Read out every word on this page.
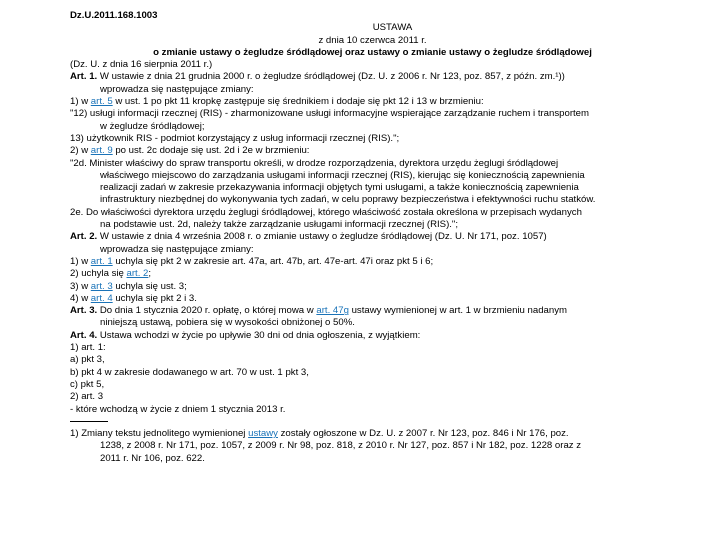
Dz.U.2011.168.1003
USTAWA
z dnia 10 czerwca 2011 r.
o zmianie ustawy o żegludze śródlądowej oraz ustawy o zmianie ustawy o żegludze śródlądowej
(Dz. U. z dnia 16 sierpnia 2011 r.)
Art. 1. W ustawie z dnia 21 grudnia 2000 r. o żegludze śródlądowej (Dz. U. z 2006 r. Nr 123, poz. 857, z późn. zm.¹))
wprowadza się następujące zmiany:
1) w art. 5 w ust. 1 po pkt 11 kropkę zastępuje się średnikiem i dodaje się pkt 12 i 13 w brzmieniu:
"12) usługi informacji rzecznej (RIS) - zharmonizowane usługi informacyjne wspierające zarządzanie ruchem i transportem
w żegludze śródlądowej;
13) użytkownik RIS - podmiot korzystający z usług informacji rzecznej (RIS).";
2) w art. 9 po ust. 2c dodaje się ust. 2d i 2e w brzmieniu:
"2d. Minister właściwy do spraw transportu określi, w drodze rozporządzenia, dyrektora urzędu żeglugi śródlądowej
właściwego miejscowo do zarządzania usługami informacji rzecznej (RIS), kierując się koniecznością zapewnienia
realizacji zadań w zakresie przekazywania informacji objętych tymi usługami, a także koniecznością zapewnienia
infrastruktury niezbędnej do wykonywania tych zadań, w celu poprawy bezpieczeństwa i efektywności ruchu statków.
2e. Do właściwości dyrektora urzędu żeglugi śródlądowej, którego właściwość została określona w przepisach wydanych
na podstawie ust. 2d, należy także zarządzanie usługami informacji rzecznej (RIS).";
Art. 2. W ustawie z dnia 4 września 2008 r. o zmianie ustawy o żegludze śródlądowej (Dz. U. Nr 171, poz. 1057)
wprowadza się następujące zmiany:
1) w art. 1 uchyla się pkt 2 w zakresie art. 47a, art. 47b, art. 47e-art. 47i oraz pkt 5 i 6;
2) uchyla się art. 2;
3) w art. 3 uchyla się ust. 3;
4) w art. 4 uchyla się pkt 2 i 3.
Art. 3. Do dnia 1 stycznia 2020 r. opłatę, o której mowa w art. 47g ustawy wymienionej w art. 1 w brzmieniu nadanym
niniejszą ustawą, pobiera się w wysokości obniżonej o 50%.
Art. 4. Ustawa wchodzi w życie po upływie 30 dni od dnia ogłoszenia, z wyjątkiem:
1) art. 1:
a) pkt 3,
b) pkt 4 w zakresie dodawanego w art. 70 w ust. 1 pkt 3,
c) pkt 5,
2) art. 3
- które wchodzą w życie z dniem 1 stycznia 2013 r.
1) Zmiany tekstu jednolitego wymienionej ustawy zostały ogłoszone w Dz. U. z 2007 r. Nr 123, poz. 846 i Nr 176, poz.
1238, z 2008 r. Nr 171, poz. 1057, z 2009 r. Nr 98, poz. 818, z 2010 r. Nr 127, poz. 857 i Nr 182, poz. 1228 oraz z
2011 r. Nr 106, poz. 622.
